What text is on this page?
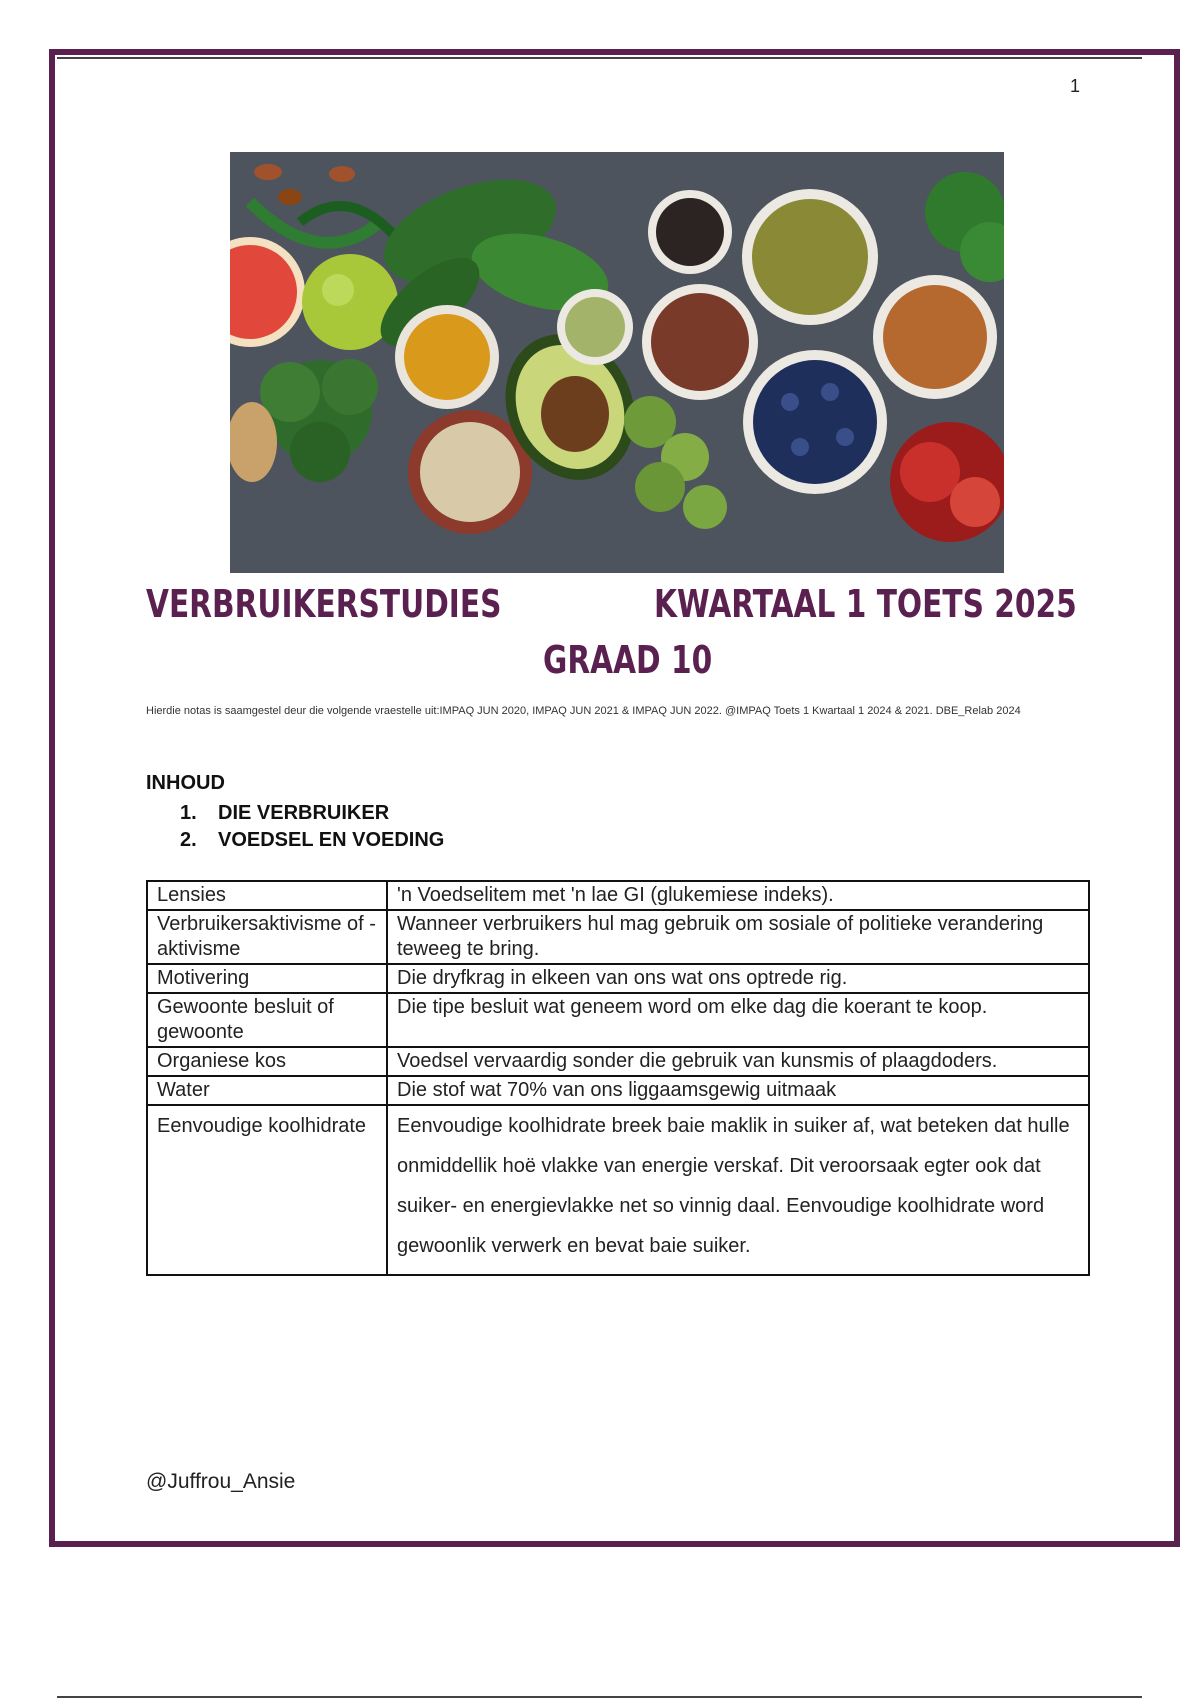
1
VERBRUIKERSTUDIES	KWARTAAL 1 TOETS 2025
GRAAD 10
Hierdie notas is saamgestel deur die volgende vraestelle uit:IMPAQ JUN 2020, IMPAQ JUN 2021 & IMPAQ JUN 2022. @IMPAQ Toets 1 Kwartaal 1 2024 & 2021. DBE_Relab 2024
INHOUD
1. DIE VERBRUIKER
2. VOEDSEL EN VOEDING
Lensies	'n Voedselitem met 'n lae GI (glukemiese indeks).
Verbruikersaktivisme of -aktivisme	Wanneer verbruikers hul mag gebruik om sosiale of politieke verandering teweeg te bring.
Motivering	Die dryfkrag in elkeen van ons wat ons optrede rig.
Gewoonte besluit of gewoonte	Die tipe besluit wat geneem word om elke dag die koerant te koop.
Organiese kos	Voedsel vervaardig sonder die gebruik van kunsmis of plaagdoders.
Water	Die stof wat 70% van ons liggaamsgewig uitmaak
Eenvoudige koolhidrate	Eenvoudige koolhidrate breek baie maklik in suiker af, wat beteken dat hulle onmiddellik hoë vlakke van energie verskaf. Dit veroorsaak egter ook dat suiker- en energievlakke net so vinnig daal. Eenvoudige koolhidrate word gewoonlik verwerk en bevat baie suiker.
@Juffrou_Ansie
